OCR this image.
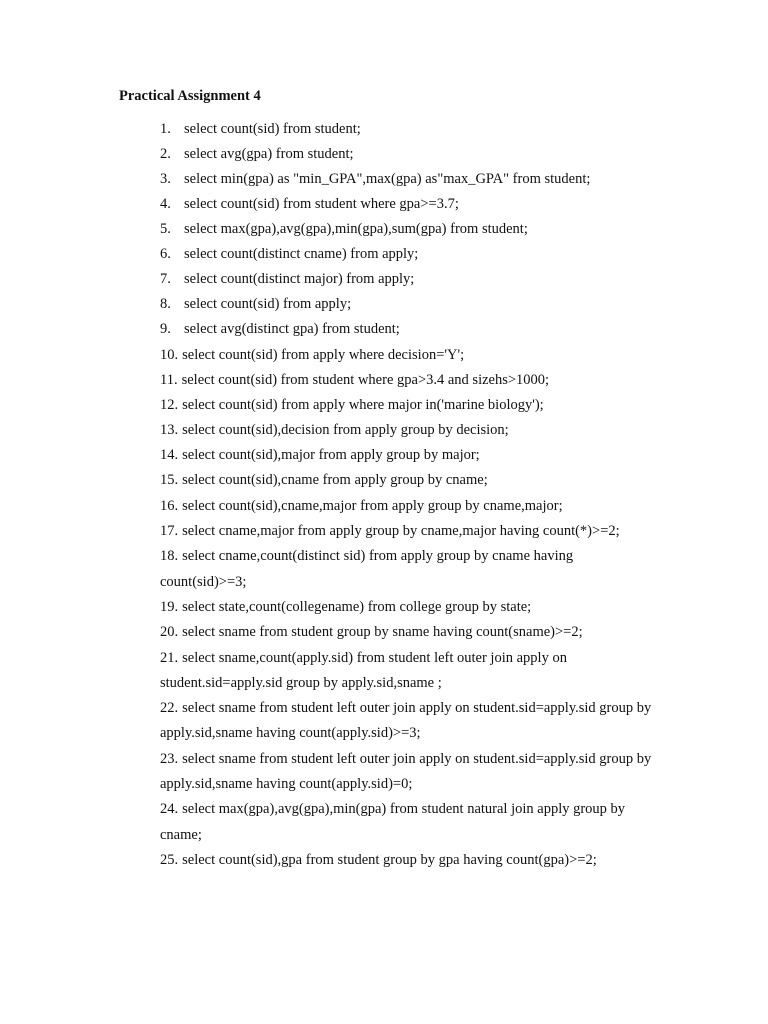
Practical Assignment 4
1. select count(sid) from student;
2. select avg(gpa) from student;
3. select min(gpa) as "min_GPA",max(gpa) as"max_GPA" from student;
4. select count(sid) from student where gpa>=3.7;
5. select max(gpa),avg(gpa),min(gpa),sum(gpa) from student;
6. select count(distinct cname) from apply;
7. select count(distinct major) from apply;
8. select count(sid) from apply;
9. select avg(distinct gpa) from student;
10. select count(sid) from apply where decision='Y';
11. select count(sid) from student where gpa>3.4 and sizehs>1000;
12. select count(sid) from apply where major in('marine biology');
13. select count(sid),decision from apply group by decision;
14. select count(sid),major from apply group by major;
15. select count(sid),cname from apply group by cname;
16. select count(sid),cname,major from apply group by cname,major;
17. select cname,major from apply group by cname,major having count(*)>=2;
18. select cname,count(distinct sid) from apply group by cname having
count(sid)>=3;
19. select state,count(collegename) from college group by state;
20. select sname from student group by sname having count(sname)>=2;
21. select sname,count(apply.sid) from student left outer join apply on
student.sid=apply.sid group by apply.sid,sname ;
22. select sname from student left outer join apply on student.sid=apply.sid group by
apply.sid,sname having count(apply.sid)>=3;
23. select sname from student left outer join apply on student.sid=apply.sid group by
apply.sid,sname having count(apply.sid)=0;
24. select max(gpa),avg(gpa),min(gpa) from student natural join apply group by
cname;
25. select count(sid),gpa from student group by gpa having count(gpa)>=2;
